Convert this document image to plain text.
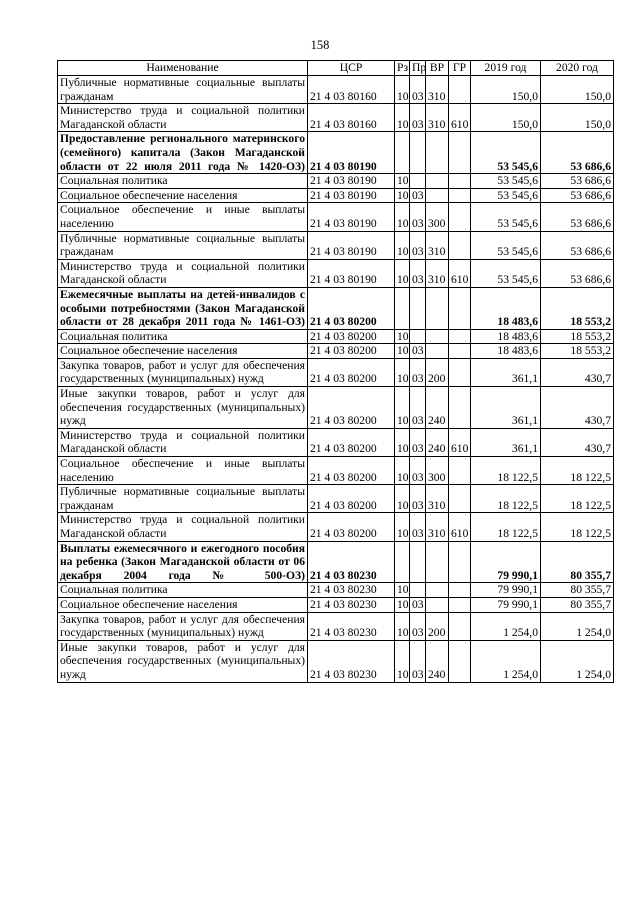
158
Наименование	ЦСР	Рз	Пр	ВР	ГР	2019 год	2020 год
Публичные нормативные социальные выплаты гражданам	21 4 03 80160	10	03	310		150,0	150,0
Министерство труда и социальной политики Магаданской области	21 4 03 80160	10	03	310	610	150,0	150,0
Предоставление регионального материнского (семейного) капитала (Закон Магаданской области от 22 июля 2011 года № 1420-ОЗ)	21 4 03 80190					53 545,6	53 686,6
Социальная политика	21 4 03 80190	10				53 545,6	53 686,6
Социальное обеспечение населения	21 4 03 80190	10	03			53 545,6	53 686,6
Социальное обеспечение и иные выплаты населению	21 4 03 80190	10	03	300		53 545,6	53 686,6
Публичные нормативные социальные выплаты гражданам	21 4 03 80190	10	03	310		53 545,6	53 686,6
Министерство труда и социальной политики Магаданской области	21 4 03 80190	10	03	310	610	53 545,6	53 686,6
Ежемесячные выплаты на детей-инвалидов с особыми потребностями (Закон Магаданской области от 28 декабря 2011 года № 1461-ОЗ)	21 4 03 80200					18 483,6	18 553,2
Социальная политика	21 4 03 80200	10				18 483,6	18 553,2
Социальное обеспечение населения	21 4 03 80200	10	03			18 483,6	18 553,2
Закупка товаров, работ и услуг для обеспечения государственных (муниципальных) нужд	21 4 03 80200	10	03	200		361,1	430,7
Иные закупки товаров, работ и услуг для обеспечения государственных (муниципальных) нужд	21 4 03 80200	10	03	240		361,1	430,7
Министерство труда и социальной политики Магаданской области	21 4 03 80200	10	03	240	610	361,1	430,7
Социальное обеспечение и иные выплаты населению	21 4 03 80200	10	03	300		18 122,5	18 122,5
Публичные нормативные социальные выплаты гражданам	21 4 03 80200	10	03	310		18 122,5	18 122,5
Министерство труда и социальной политики Магаданской области	21 4 03 80200	10	03	310	610	18 122,5	18 122,5
Выплаты ежемесячного и ежегодного пособия на ребенка (Закон Магаданской области от 06 декабря 2004 года № 500-ОЗ)	21 4 03 80230					79 990,1	80 355,7
Социальная политика	21 4 03 80230	10				79 990,1	80 355,7
Социальное обеспечение населения	21 4 03 80230	10	03			79 990,1	80 355,7
Закупка товаров, работ и услуг для обеспечения государственных (муниципальных) нужд	21 4 03 80230	10	03	200		1 254,0	1 254,0
Иные закупки товаров, работ и услуг для обеспечения государственных (муниципальных) нужд	21 4 03 80230	10	03	240		1 254,0	1 254,0
